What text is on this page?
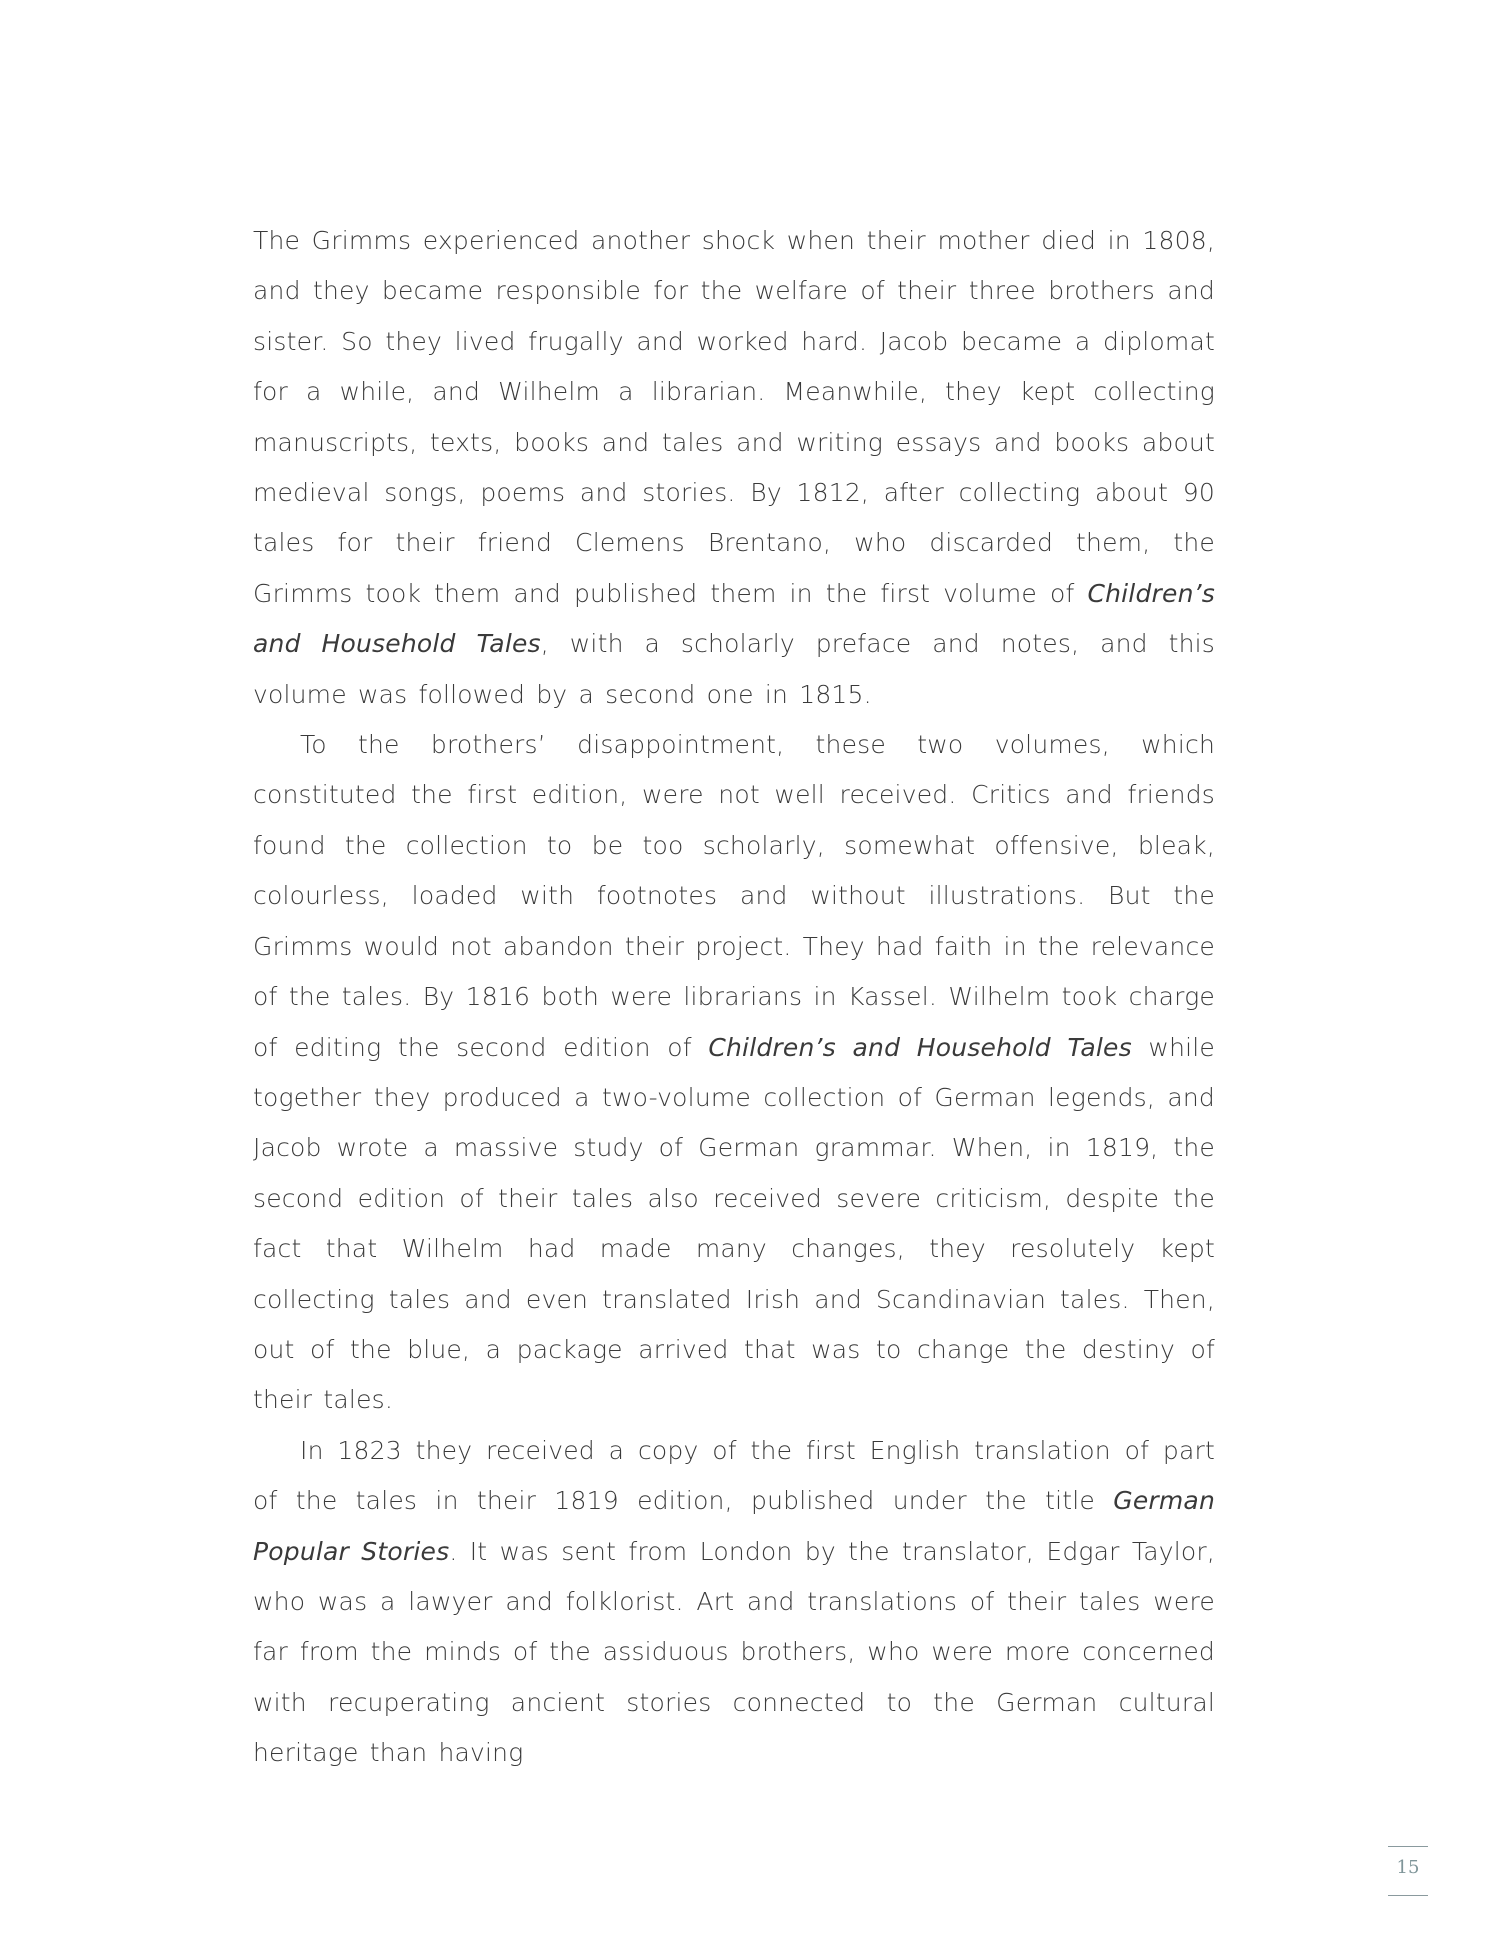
The Grimms experienced another shock when their mother died in 1808, and they became responsible for the welfare of their three brothers and sister. So they lived frugally and worked hard. Jacob became a diplomat for a while, and Wilhelm a librarian. Meanwhile, they kept collecting manuscripts, texts, books and tales and writing essays and books about medieval songs, poems and stories. By 1812, after collecting about 90 tales for their friend Clemens Brentano, who discarded them, the Grimms took them and published them in the first volume of Children’s and Household Tales, with a scholarly preface and notes, and this volume was followed by a second one in 1815.

To the brothers’ disappointment, these two volumes, which constituted the first edition, were not well received. Critics and friends found the collection to be too scholarly, somewhat offensive, bleak, colourless, loaded with footnotes and without illustrations. But the Grimms would not abandon their project. They had faith in the relevance of the tales. By 1816 both were librarians in Kassel. Wilhelm took charge of editing the second edition of Children’s and Household Tales while together they produced a two-volume collection of German legends, and Jacob wrote a massive study of German grammar. When, in 1819, the second edition of their tales also received severe criticism, despite the fact that Wilhelm had made many changes, they resolutely kept collecting tales and even translated Irish and Scandinavian tales. Then, out of the blue, a package arrived that was to change the destiny of their tales.

In 1823 they received a copy of the first English translation of part of the tales in their 1819 edition, published under the title German Popular Stories. It was sent from London by the translator, Edgar Taylor, who was a lawyer and folklorist. Art and translations of their tales were far from the minds of the assiduous brothers, who were more concerned with recuperating ancient stories connected to the German cultural heritage than having

15
